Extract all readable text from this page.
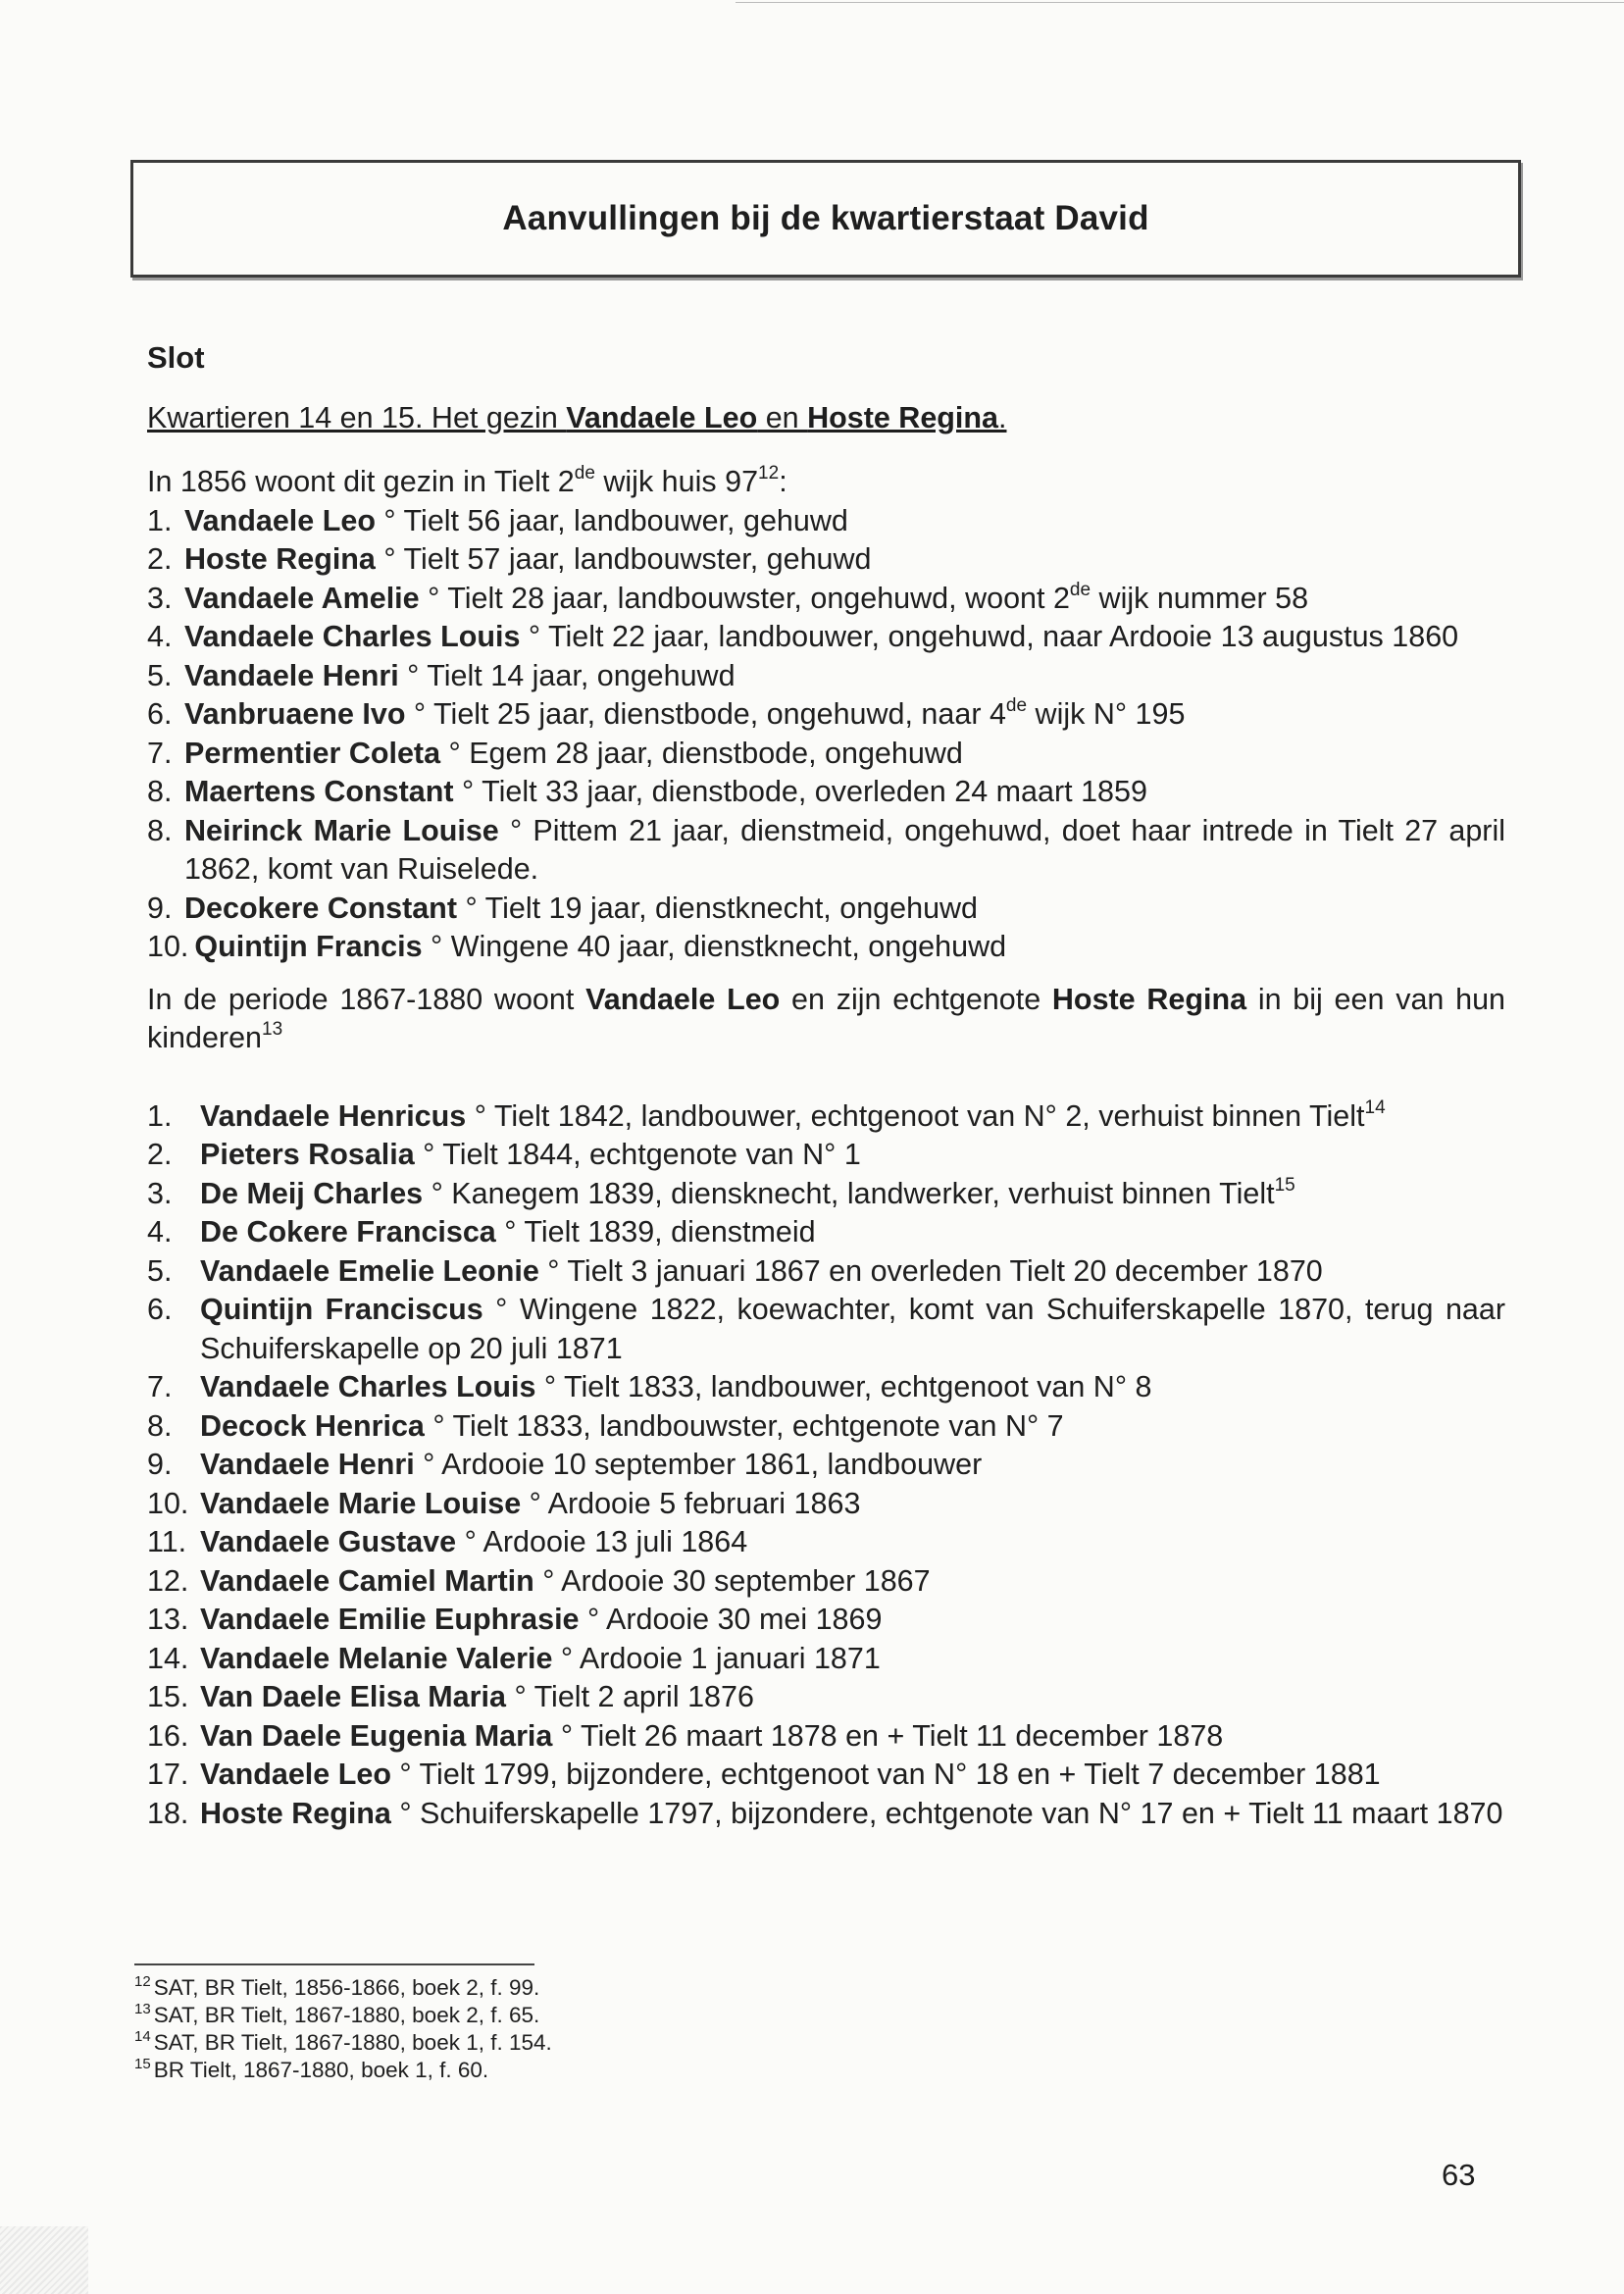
Aanvullingen bij de kwartierstaat David
Slot
Kwartieren 14 en 15. Het gezin Vandaele Leo en Hoste Regina.

In 1856 woont dit gezin in Tielt 2de wijk huis $97^{12}$:

1. Vandaele Leo ° Tielt 56 jaar, landbouwer, gehuwd
2. Hoste Regina ° Tielt 57 jaar, landbouwster, gehuwd
3. Vandaele Amelie ° Tielt 28 jaar, landbouwster, ongehuwd, woont 2de wijk nummer 58
4. Vandaele Charles Louis ° Tielt 22 jaar, landbouwer, ongehuwd, naar Ardooie 13 augustus 1860
5. Vandaele Henri ° Tielt 14 jaar, ongehuwd
6. Vanbruaene Ivo ° Tielt 25 jaar, dienstbode, ongehuwd, naar 4de wijk N° 195
7. Permentier Coleta ° Egem 28 jaar, dienstbode, ongehuwd
8. Maertens Constant ° Tielt 33 jaar, dienstbode, overleden 24 maart 1859
8. Neirinck Marie Louise ° Pittem 21 jaar, dienstmeid, ongehuwd, doet haar intrede in Tielt 27 april 1862, komt van Ruiselede.
9. Decokere Constant ° Tielt 19 jaar, dienstknecht, ongehuwd
10. Quintijn Francis ° Wingene 40 jaar, dienstknecht, ongehuwd

In de periode 1867-1880 woont Vandaele Leo en zijn echtgenote Hoste Regina in bij een van hun kinderen$^{13}$

1. Vandaele Henricus ° Tielt 1842, landbouwer, echtgenoot van N° 2, verhuist binnen Tielt$^{14}$
2. Pieters Rosalia ° Tielt 1844, echtgenote van N° 1
3. De Meij Charles ° Kanegem 1839, diensknecht, landwerker, verhuist binnen Tielt$^{15}$
4. De Cokere Francisca ° Tielt 1839, dienstmeid
5. Vandaele Emelie Leonie ° Tielt 3 januari 1867 en overleden Tielt 20 december 1870
6. Quintijn Franciscus ° Wingene 1822, koewachter, komt van Schuiferskapelle 1870, terug naar Schuiferskapelle op 20 juli 1871
7. Vandaele Charles Louis ° Tielt 1833, landbouwer, echtgenoot van N° 8
8. Decock Henrica ° Tielt 1833, landbouwster, echtgenote van N° 7
9. Vandaele Henri ° Ardooie 10 september 1861, landbouwer
10. Vandaele Marie Louise ° Ardooie 5 februari 1863
11. Vandaele Gustave ° Ardooie 13 juli 1864
12. Vandaele Camiel Martin ° Ardooie 30 september 1867
13. Vandaele Emilie Euphrasie ° Ardooie 30 mei 1869
14. Vandaele Melanie Valerie ° Ardooie 1 januari 1871
15. Van Daele Elisa Maria ° Tielt 2 april 1876
16. Van Daele Eugenia Maria ° Tielt 26 maart 1878 en + Tielt 11 december 1878
17. Vandaele Leo ° Tielt 1799, bijzondere, echtgenoot van N° 18 en + Tielt 7 december 1881
18. Hoste Regina ° Schuiferskapelle 1797, bijzondere, echtgenote van N° 17 en + Tielt 11 maart 1870
$^{12}$ SAT, BR Tielt, 1856-1866, boek 2, f. 99.
$^{13}$ SAT, BR Tielt, 1867-1880, boek 2, f. 65.
$^{14}$ SAT, BR Tielt, 1867-1880, boek 1, f. 154.
$^{15}$ BR Tielt, 1867-1880, boek 1, f. 60.
63
